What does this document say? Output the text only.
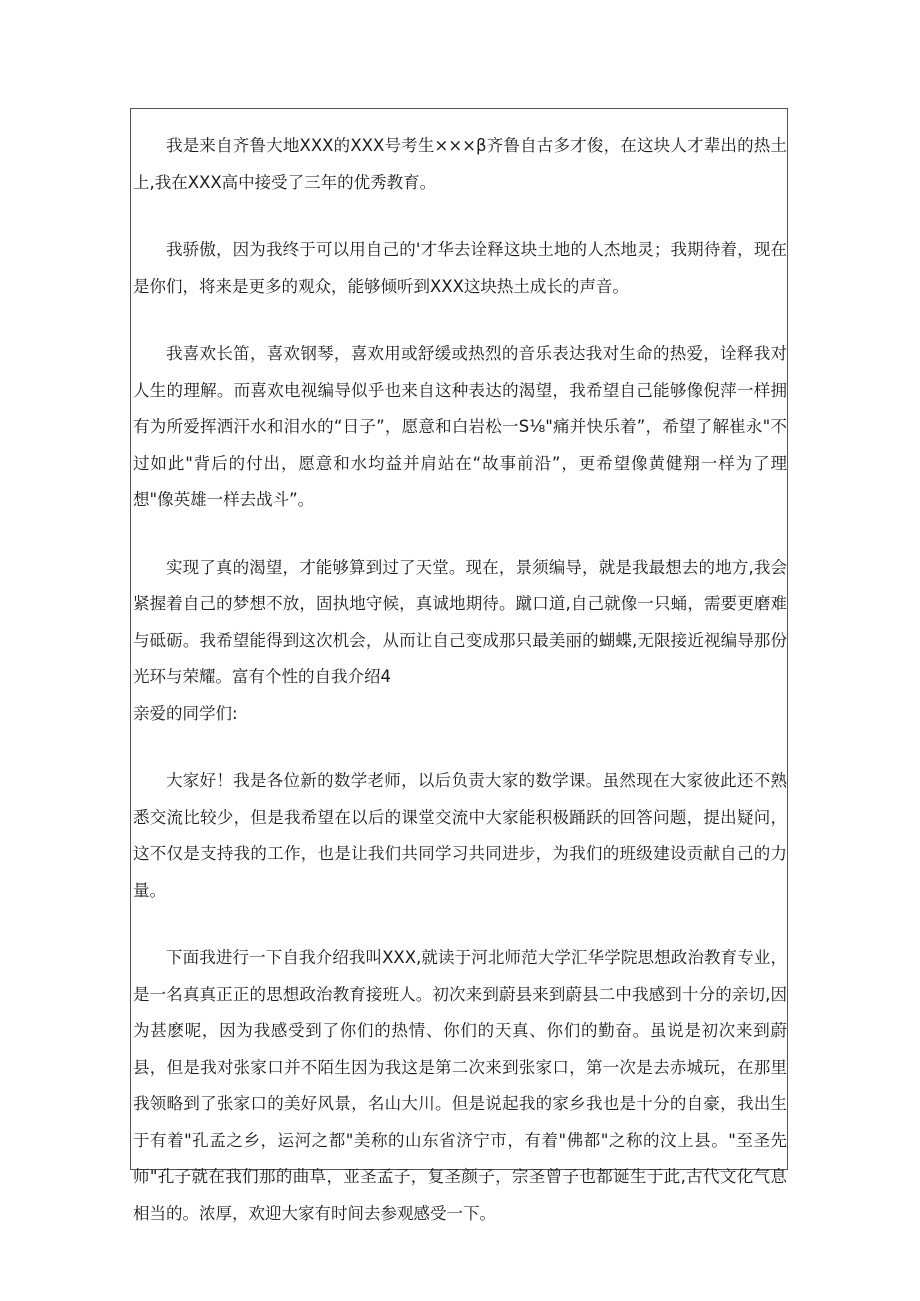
我是来自齐鲁大地XXX的XXX号考生×××β齐鲁自古多才俊，在这块人才辈出的热土上,我在XXX高中接受了三年的优秀教育。

我骄傲，因为我终于可以用自己的'才华去诠释这块土地的人杰地灵；我期待着，现在是你们，将来是更多的观众，能够倾听到XXX这块热土成长的声音。

我喜欢长笛，喜欢钢琴，喜欢用或舒缓或热烈的音乐表达我对生命的热爱，诠释我对人生的理解。而喜欢电视编导似乎也来自这种表达的渴望，我希望自己能够像倪萍一样拥有为所爱挥洒汗水和泪水的“日子”，愿意和白岩松一S⅛"痛并快乐着”，希望了解崔永"不过如此"背后的付出，愿意和水均益并肩站在“故事前沿”，更希望像黄健翔一样为了理想"像英雄一样去战斗”。

实现了真的渴望，才能够算到过了天堂。现在，景须编导，就是我最想去的地方,我会紧握着自己的梦想不放，固执地守候，真诚地期待。蹴口道,自己就像一只蛹，需要更磨难与砥砺。我希望能得到这次机会，从而让自己变成那只最美丽的蝴蝶,无限接近视编导那份光环与荣耀。富有个性的自我介绍4

亲爱的同学们:

大家好！我是各位新的数学老师，以后负责大家的数学课。虽然现在大家彼此还不熟悉交流比较少，但是我希望在以后的课堂交流中大家能积极踊跃的回答问题，提出疑问，这不仅是支持我的工作，也是让我们共同学习共同进步，为我们的班级建设贡献自己的力量。

下面我进行一下自我介绍我叫XXX,就读于河北师范大学汇华学院思想政治教育专业，是一名真真正正的思想政治教育接班人。初次来到蔚县来到蔚县二中我感到十分的亲切,因为甚麽呢，因为我感受到了你们的热情、你们的天真、你们的勤奋。虽说是初次来到蔚县，但是我对张家口并不陌生因为我这是第二次来到张家口，第一次是去赤城玩，在那里我领略到了张家口的美好风景，名山大川。但是说起我的家乡我也是十分的自豪，我出生于有着"孔孟之乡，运河之都"美称的山东省济宁市，有着"佛都"之称的汶上县。"至圣先师"孔子就在我们那的曲阜，亚圣孟子，复圣颜子，宗圣曾子也都诞生于此,古代文化气息相当的。浓厚，欢迎大家有时间去参观感受一下。
